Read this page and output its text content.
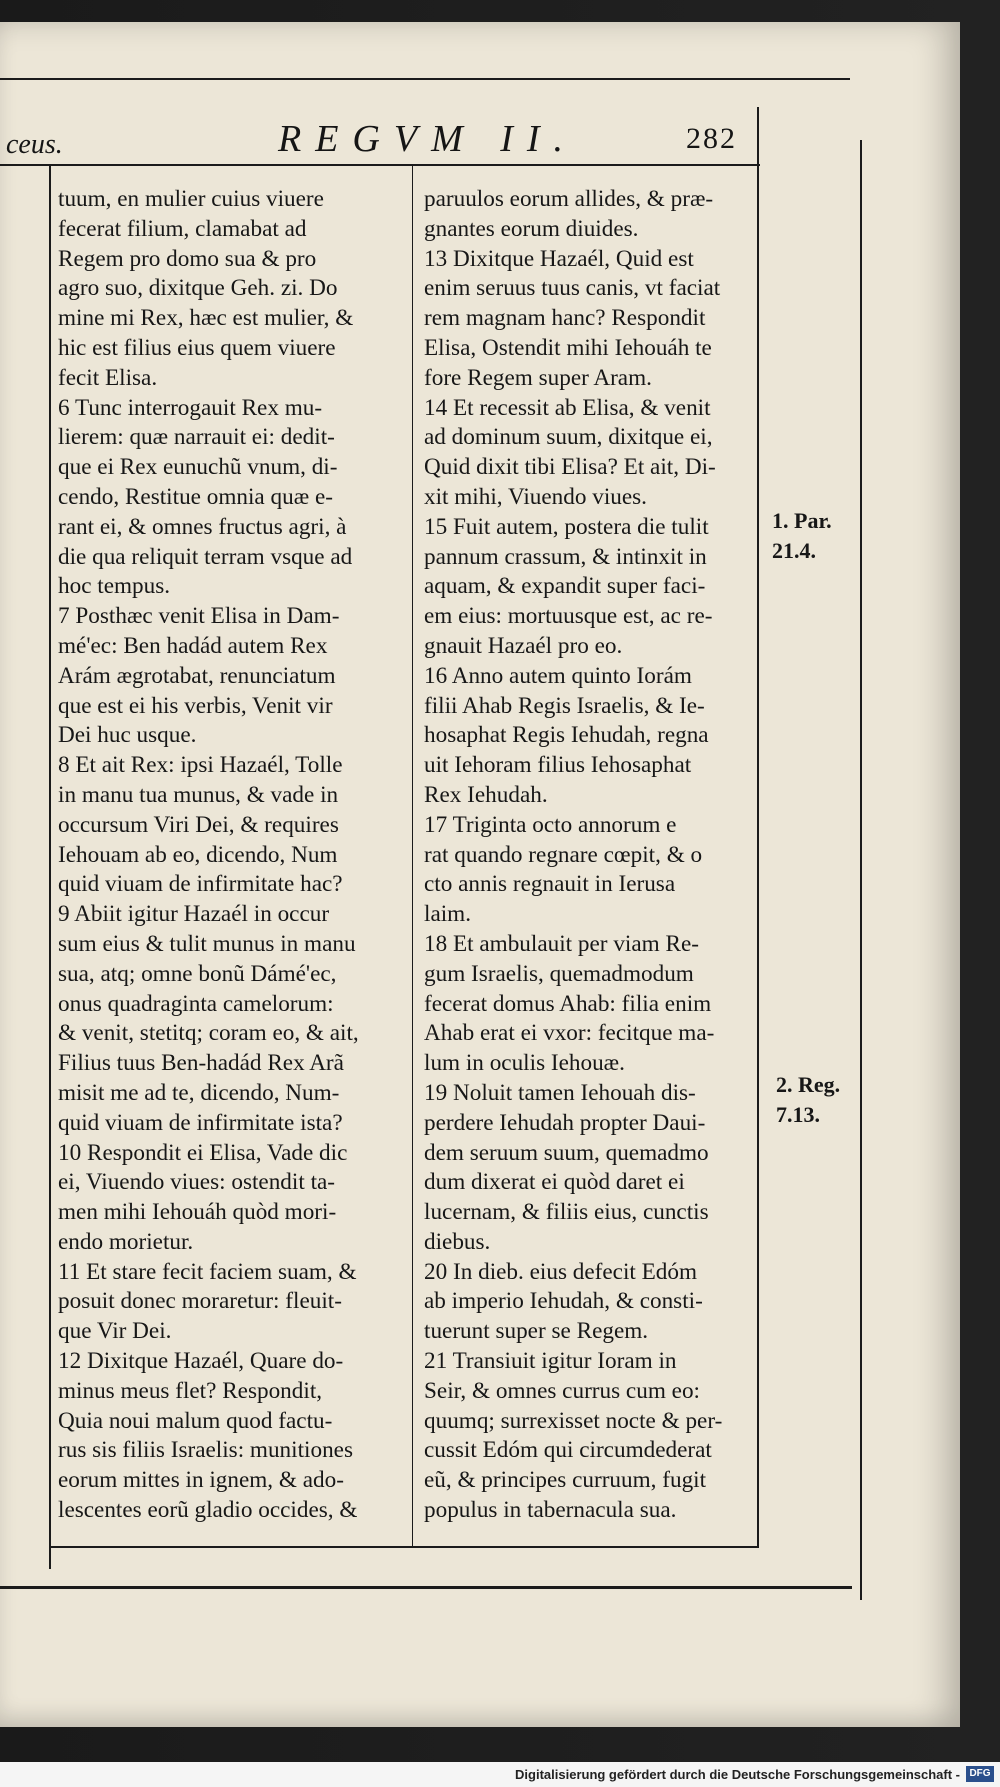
ceus.	REGVM II.	282
tuum, en mulier cuius viuere
fecerat filium, clamabat ad
Regem pro domo sua & pro
agro suo, dixitque Geh. zi. Do
mine mi Rex, hæc est mulier, &
hic est filius eius quem viuere
fecit Elisa.
6 Tunc interrogauit Rex mu-
lierem: quæ narrauit ei: dedit-
que ei Rex eunuchũ vnum, di-
cendo, Restitue omnia quæ e-
rant ei, & omnes fructus agri, à
die qua reliquit terram vsque ad
hoc tempus.
7 Posthæc venit Elisa in Dam-
mé'ec: Ben hadád autem Rex
Arám ægrotabat, renunciatum
que est ei his verbis, Venit vir
Dei huc usque.
8 Et ait Rex: ipsi Hazaél, Tolle
in manu tua munus, & vade in
occursum Viri Dei, & requires
Iehouam ab eo, dicendo, Num
quid viuam de infirmitate hac?
9 Abiit igitur Hazaél in occur
sum eius & tulit munus in manu
sua, atq; omne bonũ Dámé'ec,
onus quadraginta camelorum:
& venit, stetitq; coram eo, & ait,
Filius tuus Ben-hadád Rex Arã
misit me ad te, dicendo, Num-
quid viuam de infirmitate ista?
10 Respondit ei Elisa, Vade dic
ei, Viuendo viues: ostendit ta-
men mihi Iehouáh quòd mori-
endo morietur.
11 Et stare fecit faciem suam, &
posuit donec moraretur: fleuit-
que Vir Dei.
12 Dixitque Hazaél, Quare do-
minus meus flet? Respondit,
Quia noui malum quod factu-
rus sis filiis Israelis: munitiones
eorum mittes in ignem, & ado-
lescentes eorũ gladio occides, &
paruulos eorum allides, & præ-
gnantes eorum diuides.
13 Dixitque Hazaél, Quid est
enim seruus tuus canis, vt faciat
rem magnam hanc? Respondit
Elisa, Ostendit mihi Iehouáh te
fore Regem super Aram.
14 Et recessit ab Elisa, & venit
ad dominum suum, dixitque ei,
Quid dixit tibi Elisa? Et ait, Di-
xit mihi, Viuendo viues.
15 Fuit autem, postera die tulit
pannum crassum, & intinxit in
aquam, & expandit super faci-
em eius: mortuusque est, ac re-
gnauit Hazaél pro eo.
16 Anno autem quinto Iorám
filii Ahab Regis Israelis, & Ie-
hosaphat Regis Iehudah, regna
uit Iehoram filius Iehosaphat
Rex Iehudah.
17 Triginta octo annorum e
rat quando regnare cœpit, & o
cto annis regnauit in Ierusa
laim.
18 Et ambulauit per viam Re-
gum Israelis, quemadmodum
fecerat domus Ahab: filia enim
Ahab erat ei vxor: fecitque ma-
lum in oculis Iehouæ.
19 Noluit tamen Iehouah dis-
perdere Iehudah propter Daui-
dem seruum suum, quemadmo
dum dixerat ei quòd daret ei
lucernam, & filiis eius, cunctis
diebus.
20 In dieb. eius defecit Edóm
ab imperio Iehudah, & consti-
tuerunt super se Regem.
21 Transiuit igitur Ioram in
Seir, & omnes currus cum eo:
quumq; surrexisset nocte & per-
cussit Edóm qui circumdederat
eũ, & principes curruum, fugit
populus in tabernacula sua.
1. Par.
21.4.
2. Reg.
7.13.
Digitalisierung gefördert durch die Deutsche Forschungsgemeinschaft - DFG
